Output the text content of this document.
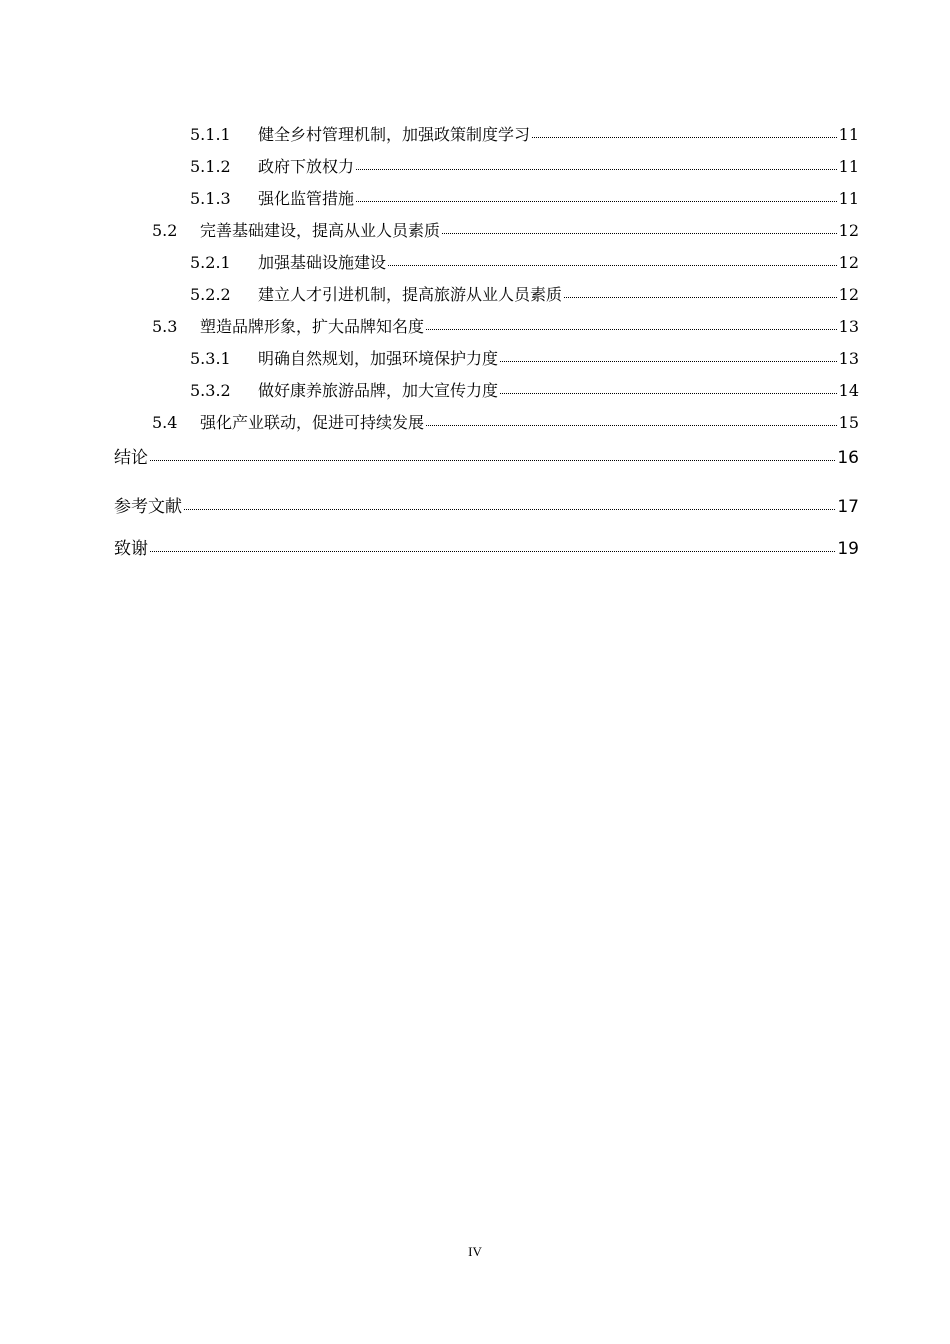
5.1.1	健全乡村管理机制，加强政策制度学习	11
5.1.2	政府下放权力	11
5.1.3	强化监管措施	11
5.2	完善基础建设，提高从业人员素质	12
5.2.1	加强基础设施建设	12
5.2.2	建立人才引进机制，提高旅游从业人员素质	12
5.3	塑造品牌形象，扩大品牌知名度	13
5.3.1	明确自然规划，加强环境保护力度	13
5.3.2	做好康养旅游品牌，加大宣传力度	14
5.4	强化产业联动，促进可持续发展	15
结论	16
参考文献	17
致谢	19
IV
